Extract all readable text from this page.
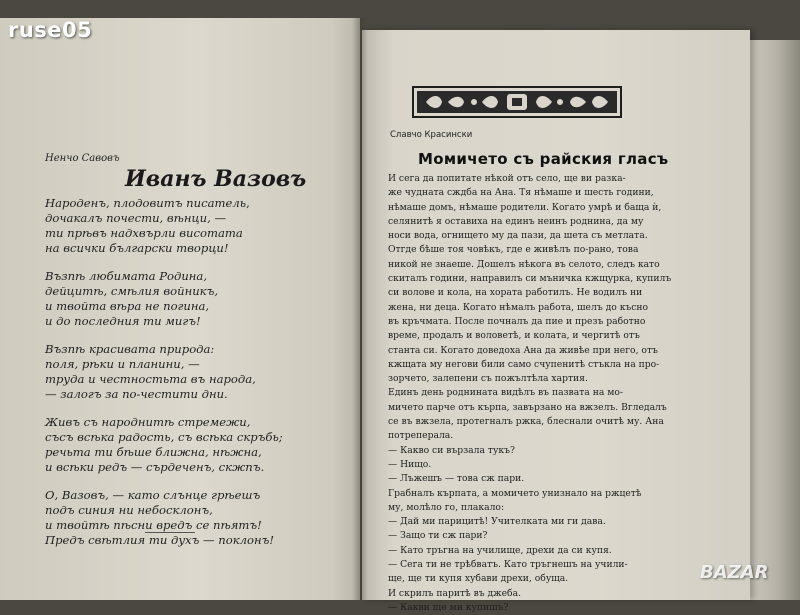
ruse05
Ненчо Савовъ
Иванъ Вазовъ
Народенъ, плодовитъ писатель,
дочакалъ почести, вѣнци, —
ти прѣвъ надхвърли висотата
на всички български творци!
Възпѣ любимата Родина,
дейцитѣ, смѣлия войникъ,
и твойта вѣра не погина,
и до последния ти мигъ!
Възпѣ красивата природа:
поля, рѣки и планини, —
труда и честностьта въ народа,
— залогъ за по-честити дни.
Живъ съ народнитѣ стремежи,
съсъ всѣка радость, съ всѣка скръбь;
речьта ти бѣше ближна, нѣжна,
и всѣки редъ — сърдеченъ, скжпъ.
О, Вазовъ, — като слънце грѣешъ
подъ синия ни небосклонъ,
и твойтѣ пѣсни вредъ се пѣятъ!
Предъ свѣтлия ти духъ — поклонъ!
Славчо Красински
Момичето съ райския гласъ
И сега да попитате нѣкой отъ село, ще ви разка-
же чудната сждба на Ана. Тя нѣмаше и шесть години,
нѣмаше домъ, нѣмаше родители. Когато умрѣ и баща ѝ,
селянитѣ я оставиха на единъ неинъ роднина, да му
носи вода, огнището му да пази, да шета съ метлата.
Отгде бѣше тоя човѣкъ, где е живѣлъ по-рано, това
никой не знаеше. Дошелъ нѣкога въ селото, следъ като
скиталъ години, направилъ си мъничка кжщурка, купилъ
си волове и кола, на хората работилъ. Не водилъ ни
жена, ни деца. Когато нѣмалъ работа, шелъ до късно
въ кръчмата. После почналъ да пие и презъ работно
време, продалъ и воловетѣ, и колата, и чергитѣ отъ
станта си. Когато доведоха Ана да живѣе при него, отъ
кжщата му негови били само счупенитѣ стъкла на про-
зорчето, залепени съ пожълтѣла хартия.
Единъ день роднината видѣлъ въ пазвата на мо-
мичето парче отъ кърпа, завързано на вжзелъ. Вгледалъ
се въ вжзела, протегналъ ржка, блеснали очитѣ му. Ана
потреперала.
— Какво си вързала тукъ?
— Нищо.
— Лъжешъ — това сж пари.
Грабналъ кърпата, а момичето унизнало на ржцетѣ
му, молѣло го, плакало:
— Дай ми парицитѣ! Учителката ми ги дава.
— Защо ти сж пари?
— Като тръгна на училище, дрехи да си купя.
— Сега ти не трѣбватъ. Като тръгнешъ на учили-
ще, ще ти купя хубави дрехи, обуща.
И скрилъ паритѣ въ джеба.
— Какви ще ми купишъ?
BAZAR
